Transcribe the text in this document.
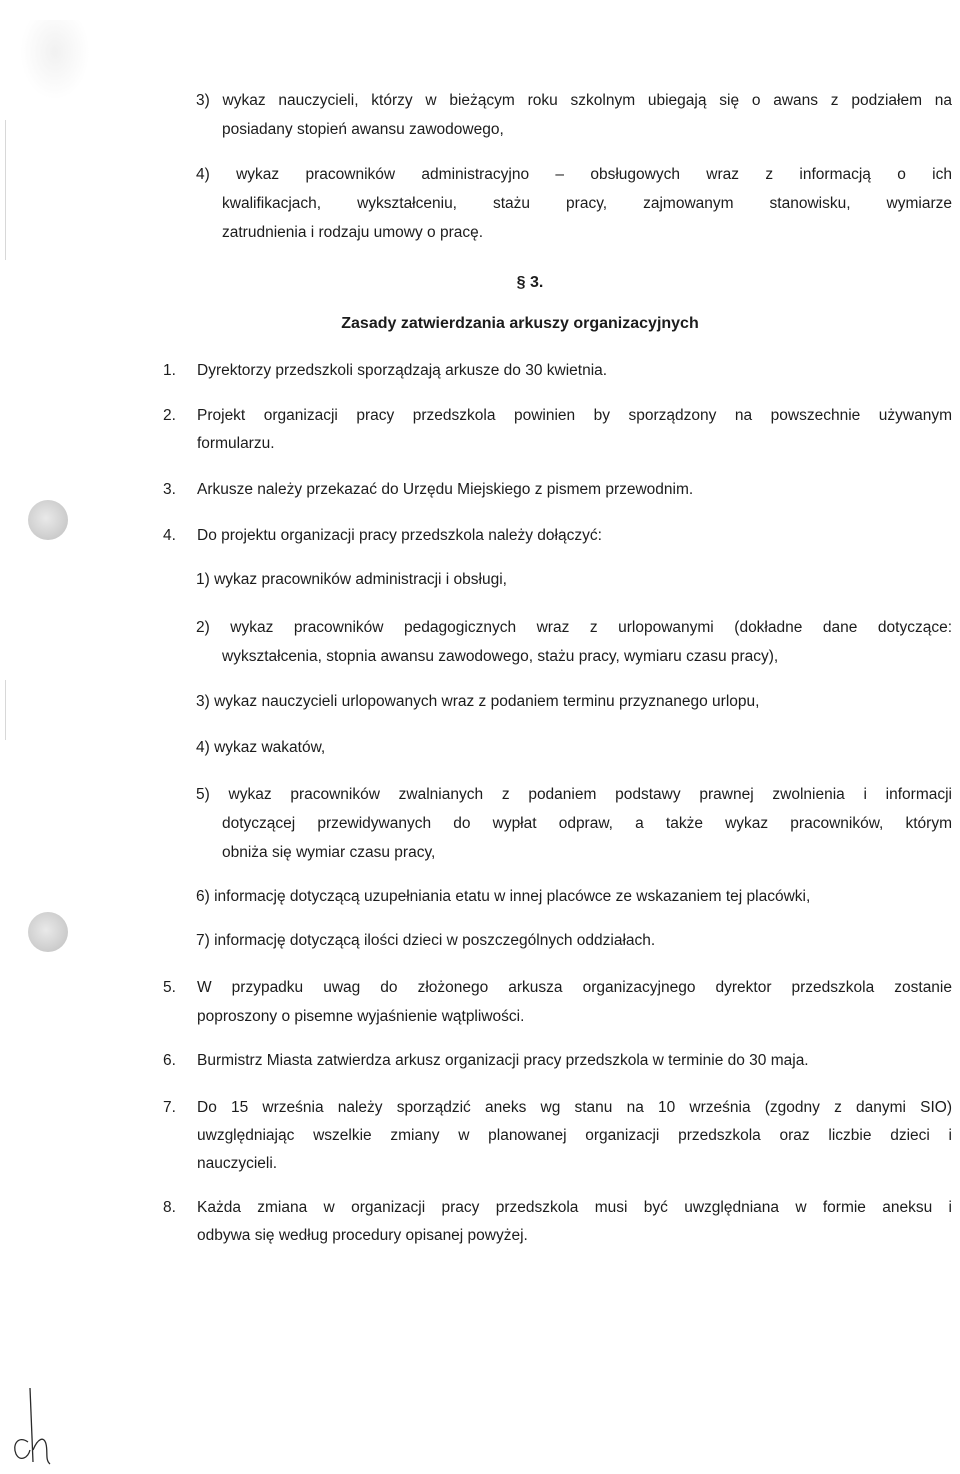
3) wykaz nauczycieli, którzy w bieżącym roku szkolnym ubiegają się o awans z podziałem na
posiadany stopień awansu zawodowego,
4) wykaz pracowników administracyjno – obsługowych wraz z informacją o ich
kwalifikacjach, wykształceniu, stażu pracy, zajmowanym stanowisku, wymiarze
zatrudnienia i rodzaju umowy o pracę.
§ 3.
Zasady zatwierdzania arkuszy organizacyjnych
1. Dyrektorzy przedszkoli sporządzają arkusze do 30 kwietnia.
2. Projekt organizacji pracy przedszkola powinien by sporządzony na powszechnie używanym
formularzu.
3. Arkusze należy przekazać do Urzędu Miejskiego z pismem przewodnim.
4. Do projektu organizacji pracy przedszkola należy dołączyć:
1) wykaz pracowników administracji i obsługi,
2) wykaz pracowników pedagogicznych wraz z urlopowanymi (dokładne dane dotyczące:
wykształcenia, stopnia awansu zawodowego, stażu pracy, wymiaru czasu pracy),
3) wykaz nauczycieli urlopowanych wraz z podaniem terminu przyznanego urlopu,
4) wykaz wakatów,
5) wykaz pracowników zwalnianych z podaniem podstawy prawnej zwolnienia i informacji
dotyczącej przewidywanych do wypłat odpraw, a także wykaz pracowników, którym
obniża się wymiar czasu pracy,
6) informację dotyczącą uzupełniania etatu w innej placówce ze wskazaniem tej placówki,
7) informację dotyczącą ilości dzieci w poszczególnych oddziałach.
5. W przypadku uwag do złożonego arkusza organizacyjnego dyrektor przedszkola zostanie
poproszony o pisemne wyjaśnienie wątpliwości.
6. Burmistrz Miasta zatwierdza arkusz organizacji pracy przedszkola w terminie do 30 maja.
7. Do 15 września należy sporządzić aneks wg stanu na 10 września (zgodny z danymi SIO)
uwzględniając wszelkie zmiany w planowanej organizacji przedszkola oraz liczbie dzieci i
nauczycieli.
8. Każda zmiana w organizacji pracy przedszkola musi być uwzględniana w formie aneksu i
odbywa się według procedury opisanej powyżej.
